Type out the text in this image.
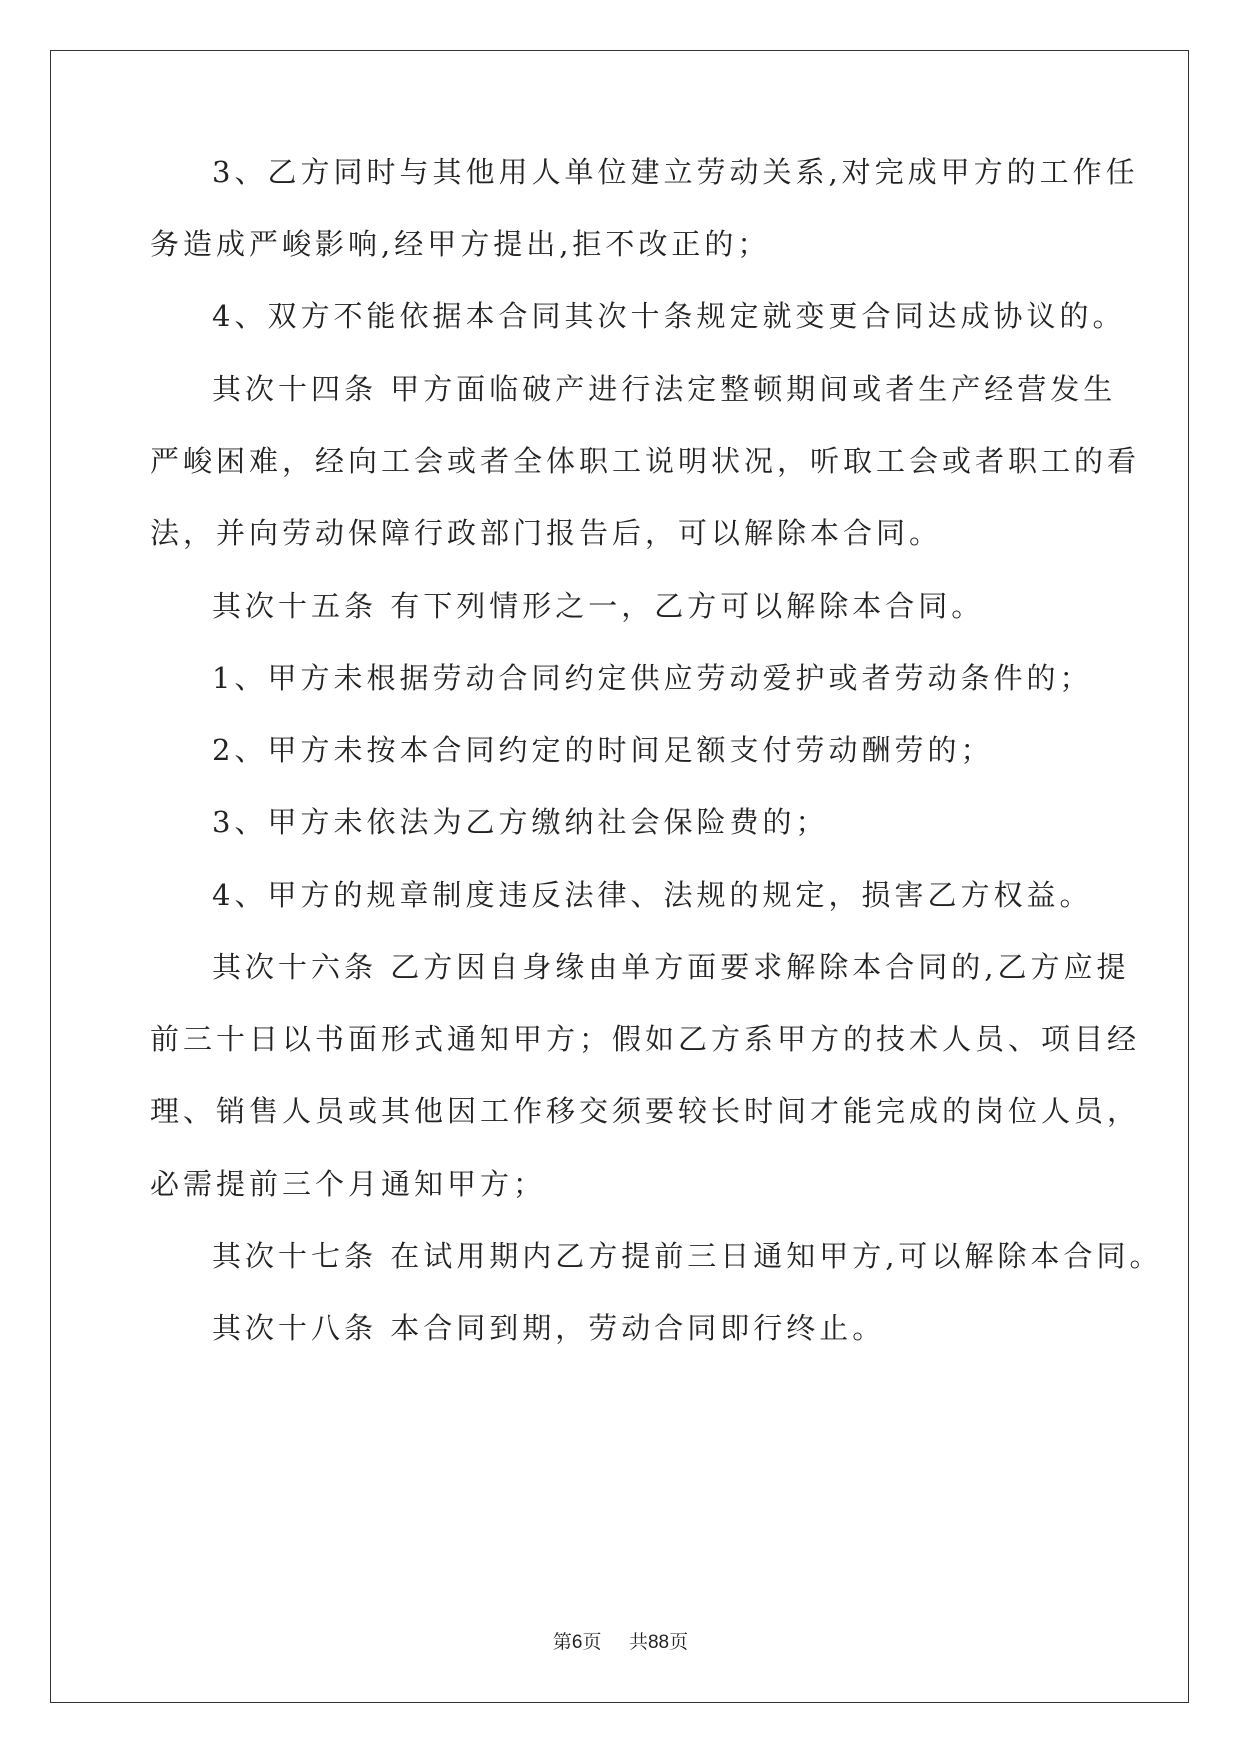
3、乙方同时与其他用人单位建立劳动关系,对完成甲方的工作任
务造成严峻影响,经甲方提出,拒不改正的；
4、双方不能依据本合同其次十条规定就变更合同达成协议的。
其次十四条 甲方面临破产进行法定整顿期间或者生产经营发生
严峻困难，经向工会或者全体职工说明状况，听取工会或者职工的看
法，并向劳动保障行政部门报告后，可以解除本合同。
其次十五条 有下列情形之一，乙方可以解除本合同。
1、甲方未根据劳动合同约定供应劳动爱护或者劳动条件的；
2、甲方未按本合同约定的时间足额支付劳动酬劳的；
3、甲方未依法为乙方缴纳社会保险费的；
4、甲方的规章制度违反法律、法规的规定，损害乙方权益。
其次十六条 乙方因自身缘由单方面要求解除本合同的,乙方应提
前三十日以书面形式通知甲方；假如乙方系甲方的技术人员、项目经
理、销售人员或其他因工作移交须要较长时间才能完成的岗位人员，
必需提前三个月通知甲方；
其次十七条 在试用期内乙方提前三日通知甲方,可以解除本合同。
其次十八条 本合同到期，劳动合同即行终止。
第6页 共88页
